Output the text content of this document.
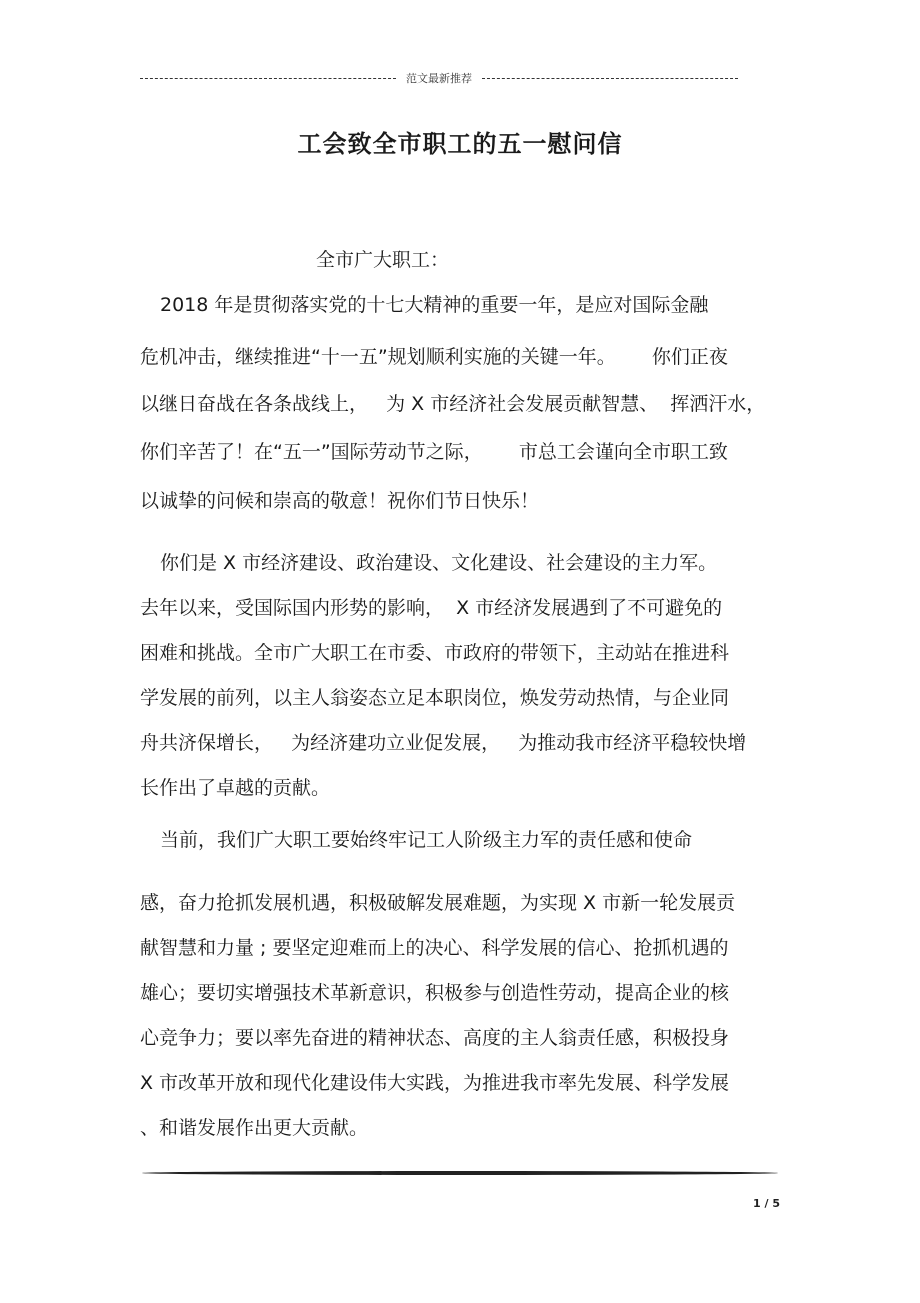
范文最新推荐
工会致全市职工的五一慰问信
全市广大职工：
2018 年是贯彻落实党的十七大精神的重要一年，是应对国际金融
危机冲击，继续推进“十一五”规划顺利实施的关键一年。      你们正夜
以继日奋战在各条战线上，   为 X 市经济社会发展贡献智慧、  挥洒汗水，
你们辛苦了！在“五一”国际劳动节之际，      市总工会谨向全市职工致
以诚挚的问候和崇高的敬意！祝你们节日快乐！
你们是 X 市经济建设、政治建设、文化建设、社会建设的主力军。
去年以来，受国际国内形势的影响，  X 市经济发展遇到了不可避免的
困难和挑战。全市广大职工在市委、市政府的带领下，主动站在推进科
学发展的前列，以主人翁姿态立足本职岗位，焕发劳动热情，与企业同
舟共济保增长，   为经济建功立业促发展，   为推动我市经济平稳较快增
长作出了卓越的贡献。
当前，我们广大职工要始终牢记工人阶级主力军的责任感和使命
感，奋力抢抓发展机遇，积极破解发展难题，为实现 X 市新一轮发展贡
献智慧和力量 ; 要坚定迎难而上的决心、科学发展的信心、抢抓机遇的
雄心；要切实增强技术革新意识，积极参与创造性劳动，提高企业的核
心竞争力；要以率先奋进的精神状态、高度的主人翁责任感，积极投身
X 市改革开放和现代化建设伟大实践，为推进我市率先发展、科学发展
、和谐发展作出更大贡献。
1 / 5
